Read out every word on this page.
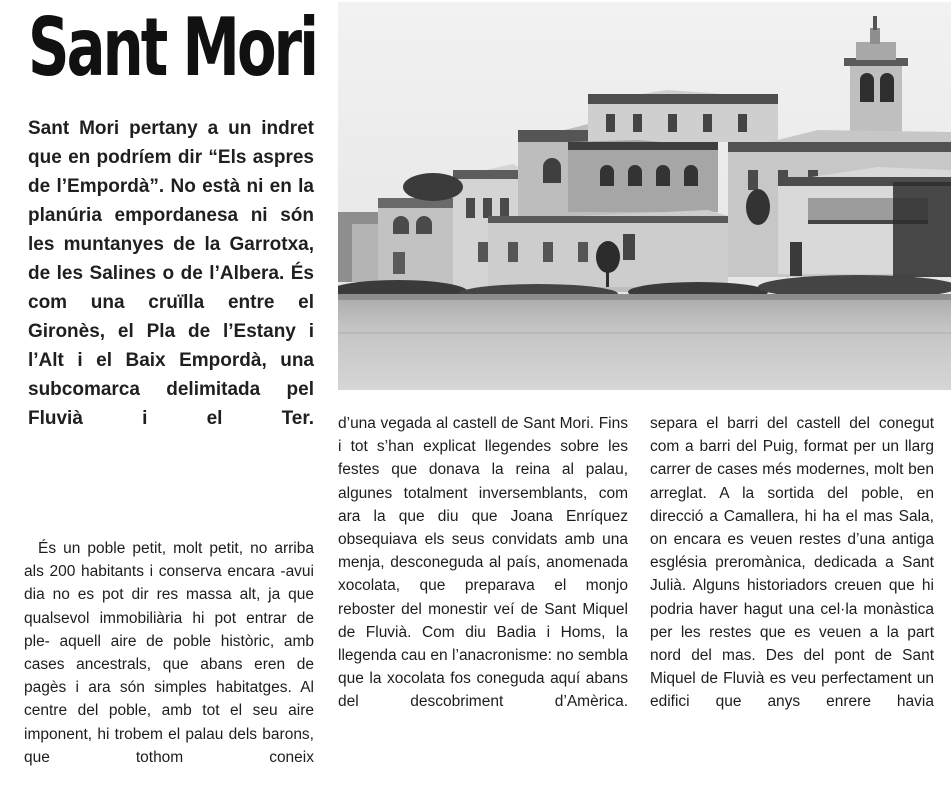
Sant Mori

Sant Mori pertany a un indret que en podríem dir “Els aspres de l’Empordà”. No està ni en la planúria empordanesa ni són les muntanyes de la Garrotxa, de les Salines o de l’Albera. És com una cruïlla entre el Gironès, el Pla de l’Estany i l’Alt i el Baix Empordà, una subcomarca delimitada pel Fluvià i el Ter.

És un poble petit, molt petit, no arriba als 200 habitants i conserva encara -avui dia no es pot dir res massa alt, ja que qualsevol immobiliària hi pot entrar de ple- aquell aire de poble històric, amb cases ancestrals, que abans eren de pagès i ara són simples habitatges. Al centre del poble, amb tot el seu aire imponent, hi trobem el palau dels barons, que tothom coneix

d’una vegada al castell de Sant Mori. Fins i tot s’han explicat llegendes sobre les festes que donava la reina al palau, algunes totalment inversemblants, com ara la que diu que Joana Enríquez obsequiava els seus convidats amb una menja, desconeguda al país, anomenada xocolata, que preparava el monjo reboster del monestir veí de Sant Miquel de Fluvià. Com diu Badia i Homs, la llegenda cau en l’anacronisme: no sembla que la xocolata fos coneguda aquí abans del descobriment d’Amèrica.

separa el barri del castell del conegut com a barri del Puig, format per un llarg carrer de cases més modernes, molt ben arreglat. A la sortida del poble, en direcció a Camallera, hi ha el mas Sala, on encara es veuen restes d’una antiga església preromànica, dedicada a Sant Julià. Alguns historiadors creuen que hi podria haver hagut una cel·la monàstica per les restes que es veuen a la part nord del mas. Des del pont de Sant Miquel de Fluvià es veu perfectament un edifici que anys enrere havia
